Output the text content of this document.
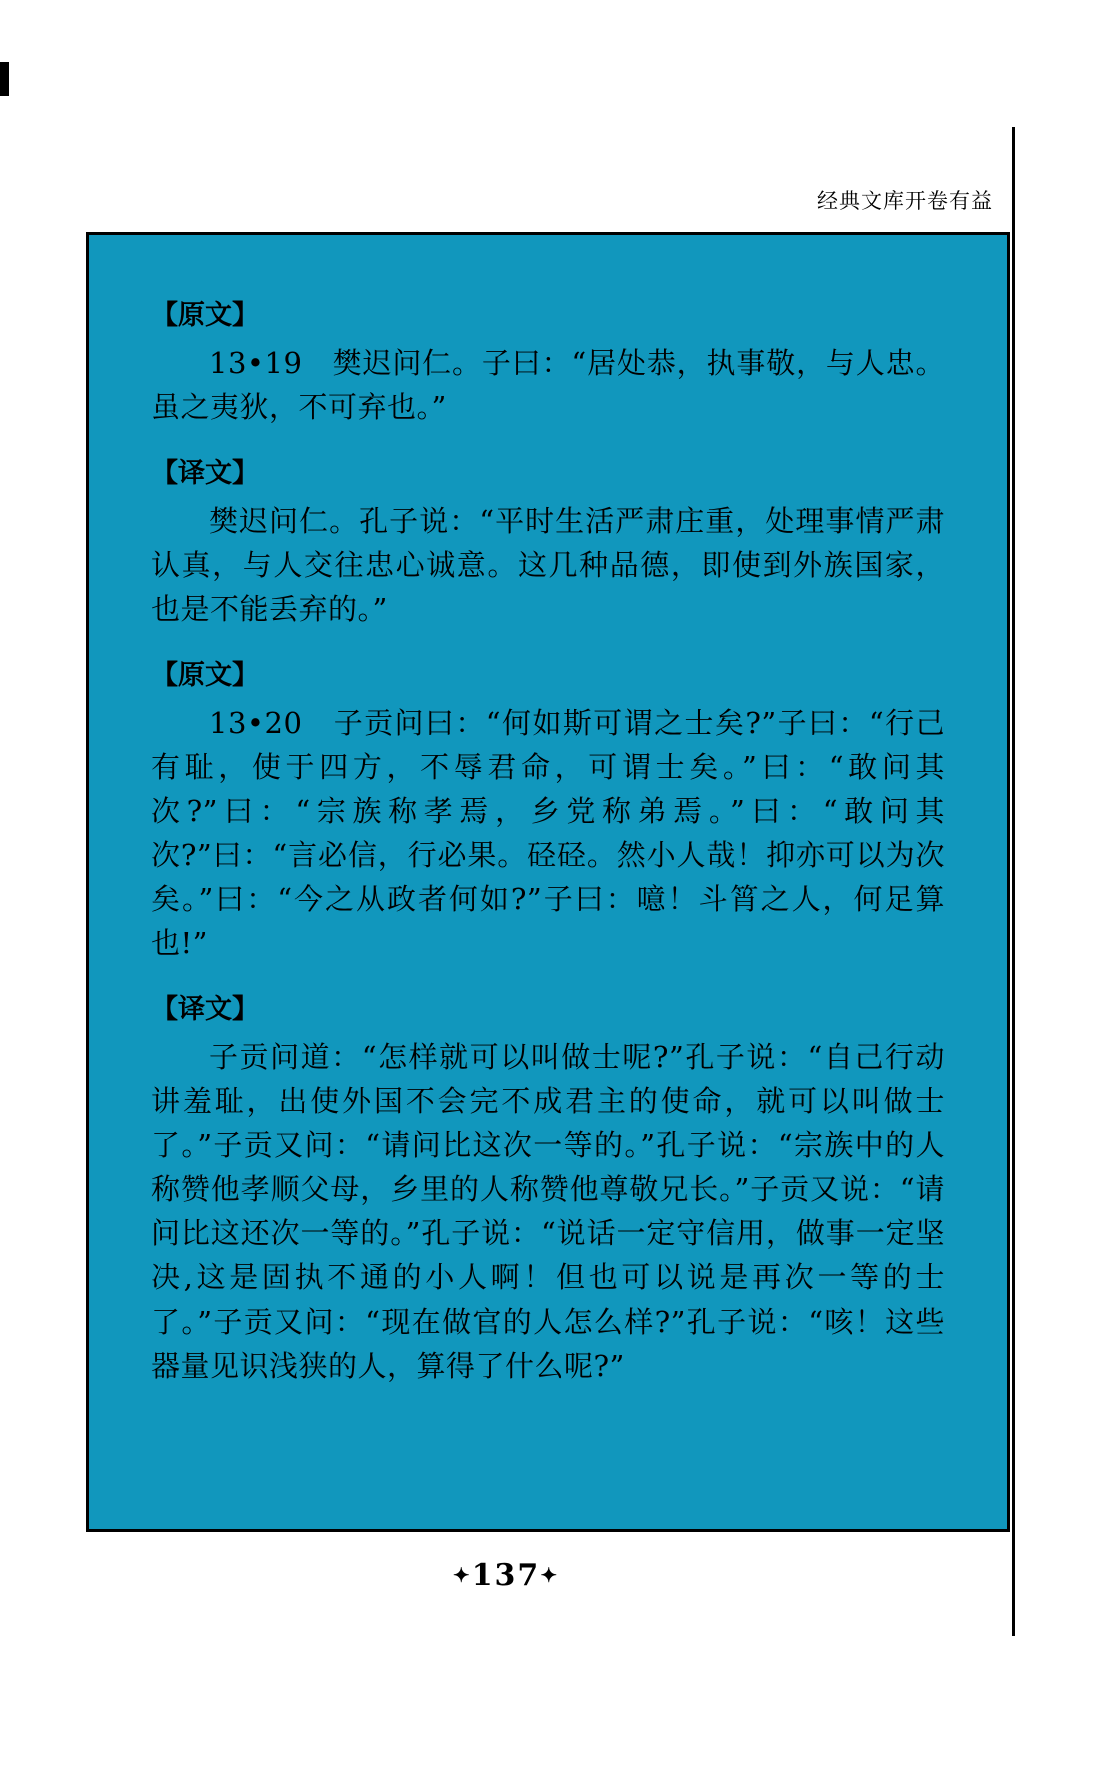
经典文库开卷有益
【原文】

13•19　樊迟问仁。子曰：“居处恭，执事敬，与人忠。虽之夷狄，不可弃也。”

【译文】

樊迟问仁。孔子说：“平时生活严肃庄重，处理事情严肃认真，与人交往忠心诚意。这几种品德，即使到外族国家，也是不能丢弃的。”

【原文】

13•20　子贡问曰：“何如斯可谓之士矣?”子曰：“行己有耻，使于四方，不辱君命，可谓士矣。”曰：“敢问其次?”曰：“宗族称孝焉，乡党称弟焉。”曰：“敢问其次?”曰：“言必信，行必果。硁硁。然小人哉！抑亦可以为次矣。”曰：“今之从政者何如?”子曰：噫！斗筲之人，何足算也!”

【译文】

子贡问道：“怎样就可以叫做士呢?”孔子说：“自己行动讲羞耻，出使外国不会完不成君主的使命，就可以叫做士了。”子贡又问：“请问比这次一等的。”孔子说：“宗族中的人称赞他孝顺父母，乡里的人称赞他尊敬兄长。”子贡又说：“请问比这还次一等的。”孔子说：“说话一定守信用，做事一定坚决,这是固执不通的小人啊！但也可以说是再次一等的士了。”子贡又问：“现在做官的人怎么样?”孔子说：“咳！这些器量见识浅狭的人，算得了什么呢?”

✦137✦
